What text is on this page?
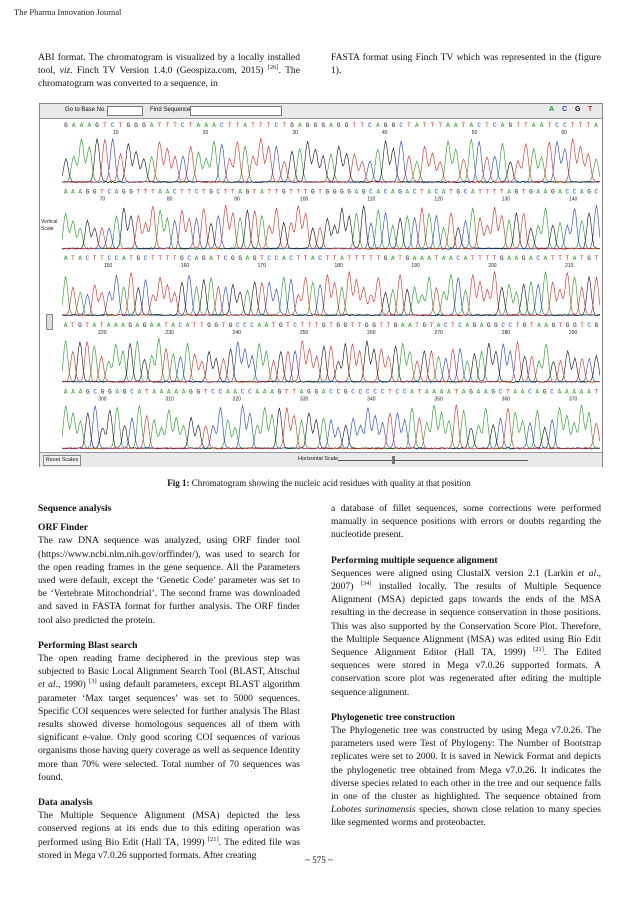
The Pharma Innovation Journal

ABI format. The chromatogram is visualized by a locally installed tool, viz. Finch TV Version 1.4.0 (Geospiza.com, 2015) [26]. The chromatogram was converted to a sequence, in

FASTA format using Finch TV which was represented in the (figure 1).

Go to Base No.	Find Sequence	A C G T
Vertical
Scale
G A A A G T C T G G G A T T T C T A A A C T T A T T T C T G A G G G A G G T T C A G G C T A T T T A A T A C T C A G T T A A T C C T T T A
10	20	30	40	50	60
A A A G G T C A G G T T T A A C T T C T G C T T A G T A T T G T T T G T G G G G A G C A C A G A C T A C A T G C A T T T T A G T G A A G A C C A G C
70	80	90	100	110	120	130	140
A T A C T T C C A T G C T T T T G C A G A T C G G A G T C C A C T T A C T T A T T T T T G A T G A A A T A A C A T T T T G A A G A C A T T T A T G T
150	160	170	180	190	200	210
A T G T A T A A A G A G A A T A C A T T G G T G C C C A A T G T C T T T G T G G T T G G T T G A A T G T A C T C A G A G G C C T G T A A G T G G T C G
220	230	240	250	260	270	280	290
A A A G C G G A G C A T A A A A A G G T C C A A C C A A A G T T A G G A C C G C C C C C T C C A T A A A A T A G A A G C T A A C A G C A A A A A T
300	310	320	330	340	350	360	370
Reset Scales	Horizontal Scale
Fig 1: Chromatogram showing the nucleic acid residues with quality at that position

Sequence analysis

ORF Finder

The raw DNA sequence was analyzed, using ORF finder tool (https://www.ncbi.nlm.nih.gov/orffinder/), was used to search for the open reading frames in the gene sequence. All the Parameters used were default, except the ‘Genetic Code’ parameter was set to be ‘Vertebrate Mitochondrial’. The second frame was downloaded and saved in FASTA format for further analysis. The ORF finder tool also predicted the protein.

Performing Blast search

The open reading frame deciphered in the previous step was subjected to Basic Local Alignment Search Tool (BLAST, Altschul et al., 1990) [3] using default parameters, except BLAST algorithm parameter ‘Max target sequences’ was set to 5000 sequences. Specific COI sequences were selected for further analysis The Blast results showed diverse homologous sequences all of them with significant e-value. Only good scoring COI sequences of various organisms those having query coverage as well as sequence Identity more than 70% were selected. Total number of 70 sequences was found.

Data analysis

The Multiple Sequence Alignment (MSA) depicted the less conserved regions at its ends due to this editing operation was performed using Bio Edit (Hall TA, 1999) [21]. The edited file was stored in Mega v7.0.26 supported formats. After creating

a database of fillet sequences, some corrections were performed manually in sequence positions with errors or doubts regarding the nucleotide present.

Performing multiple sequence alignment

Sequences were aligned using ClustalX version 2.1 (Larkin et al., 2007) [34] installed locally. The results of Multiple Sequence Alignment (MSA) depicted gaps towards the ends of the MSA resulting in the decrease in sequence conservation in those positions. This was also supported by the Conservation Score Plot. Therefore, the Multiple Sequence Alignment (MSA) was edited using Bio Edit Sequence Alignment Editor (Hall TA, 1999) [21]. The Edited sequences were stored in Mega v7.0.26 supported formats. A conservation score plot was regenerated after editing the multiple sequence alignment.

Phylogenetic tree construction

The Phylogenetic tree was constructed by using Mega v7.0.26. The parameters used were Test of Phylogeny: The Number of Bootstrap replicates were set to 2000. It is saved in Newick Format and depicts the phylogenetic tree obtained from Mega v7.0.26. It indicates the diverse species related to each other in the tree and our sequence falls in one of the cluster as highlighted. The sequence obtained from Lobotes surinamensis species, shown close relation to many species like segmented worms and proteobacter.

~ 575 ~
